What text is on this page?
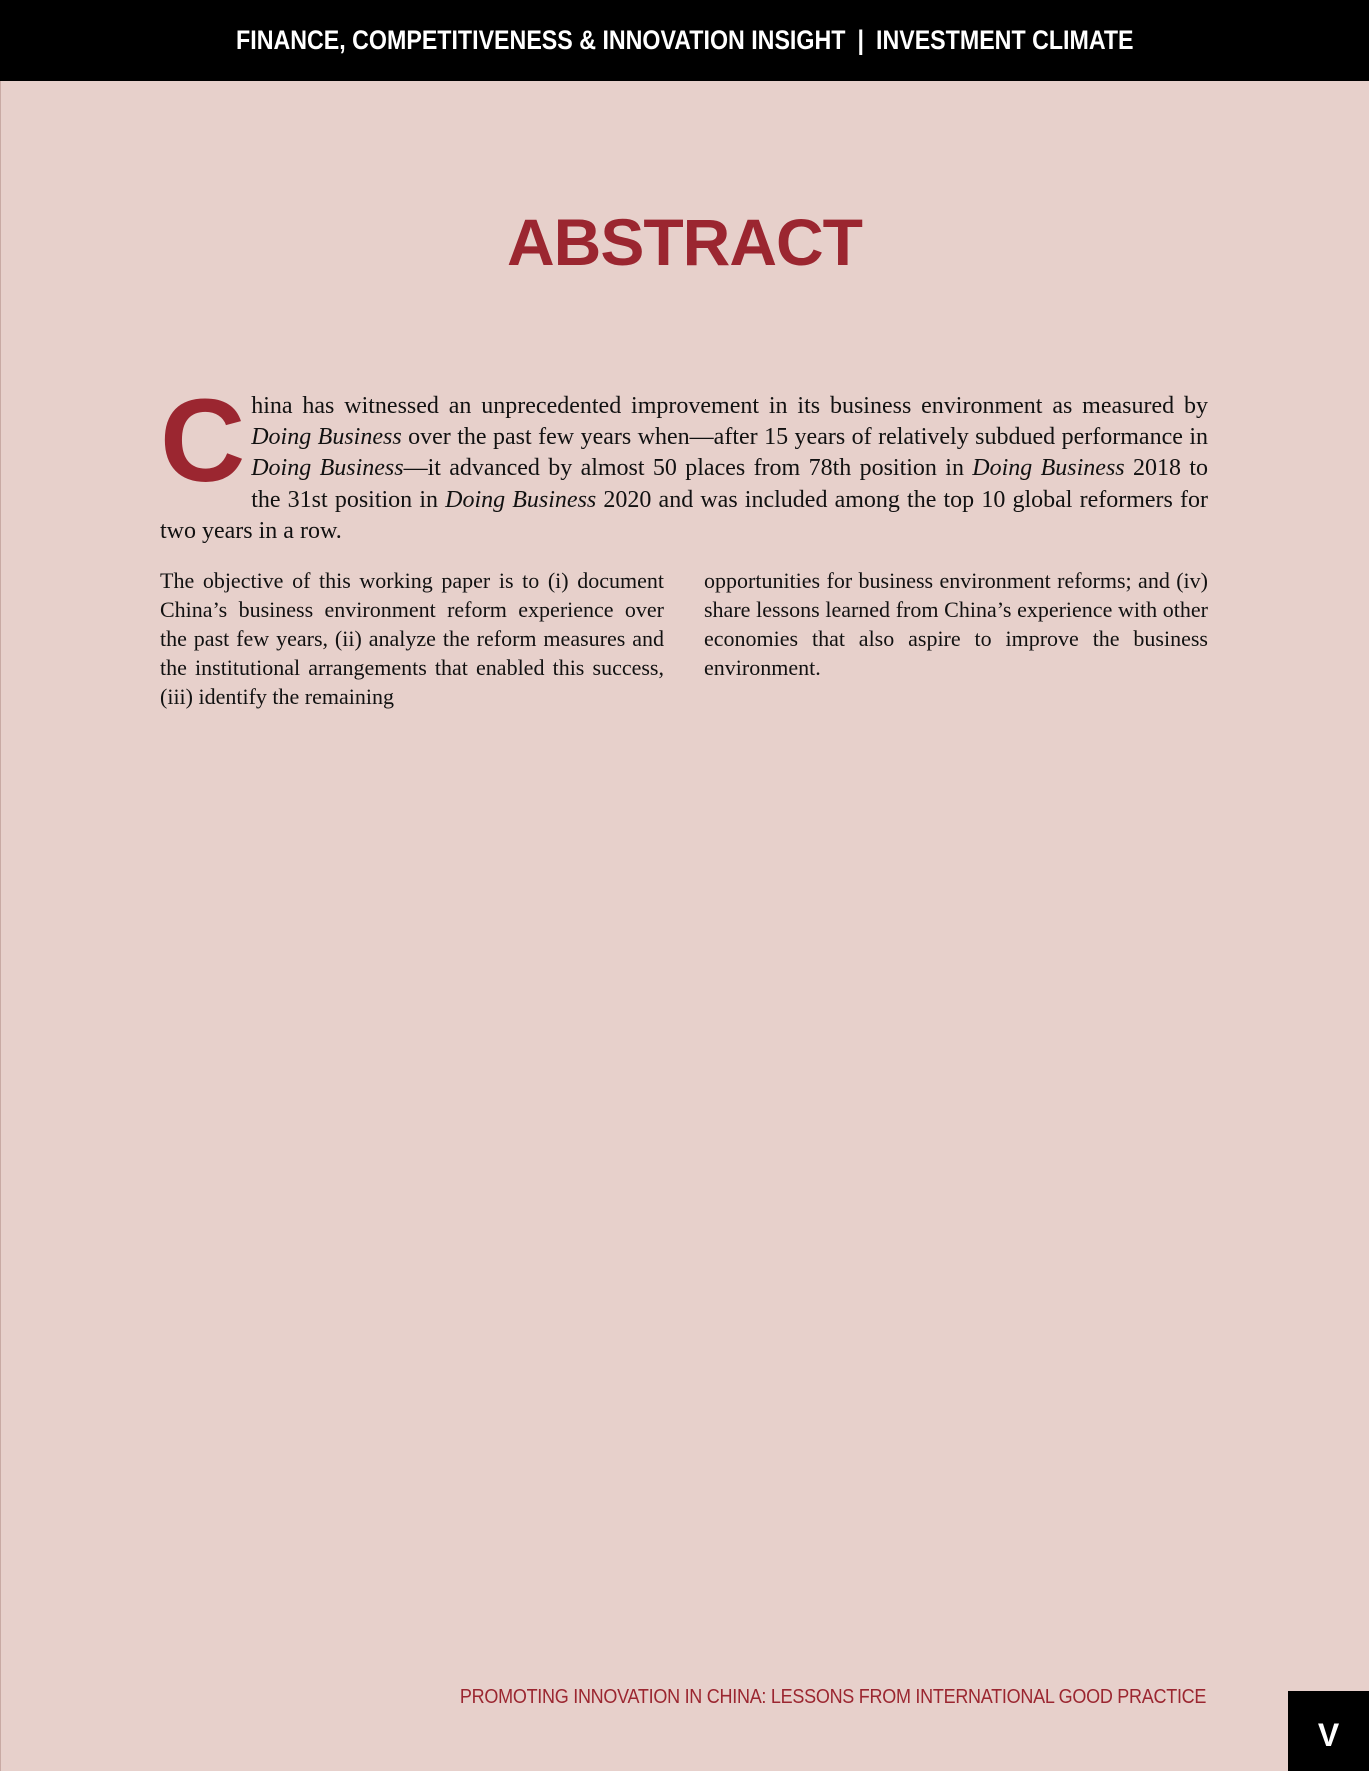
FINANCE, COMPETITIVENESS & INNOVATION INSIGHT | INVESTMENT CLIMATE
ABSTRACT

China has witnessed an unprecedented improvement in its business environment as measured by Doing Business over the past few years when—after 15 years of relatively subdued performance in Doing Business—it advanced by almost 50 places from 78th position in Doing Business 2018 to the 31st position in Doing Business 2020 and was included among the top 10 global reformers for two years in a row.

The objective of this working paper is to (i) document China’s business environment reform experience over the past few years, (ii) analyze the reform measures and the institutional arrangements that enabled this success, (iii) identify the remaining

opportunities for business environment reforms; and (iv) share lessons learned from China’s experience with other economies that also aspire to improve the business environment.

PROMOTING INNOVATION IN CHINA: LESSONS FROM INTERNATIONAL GOOD PRACTICE
V
